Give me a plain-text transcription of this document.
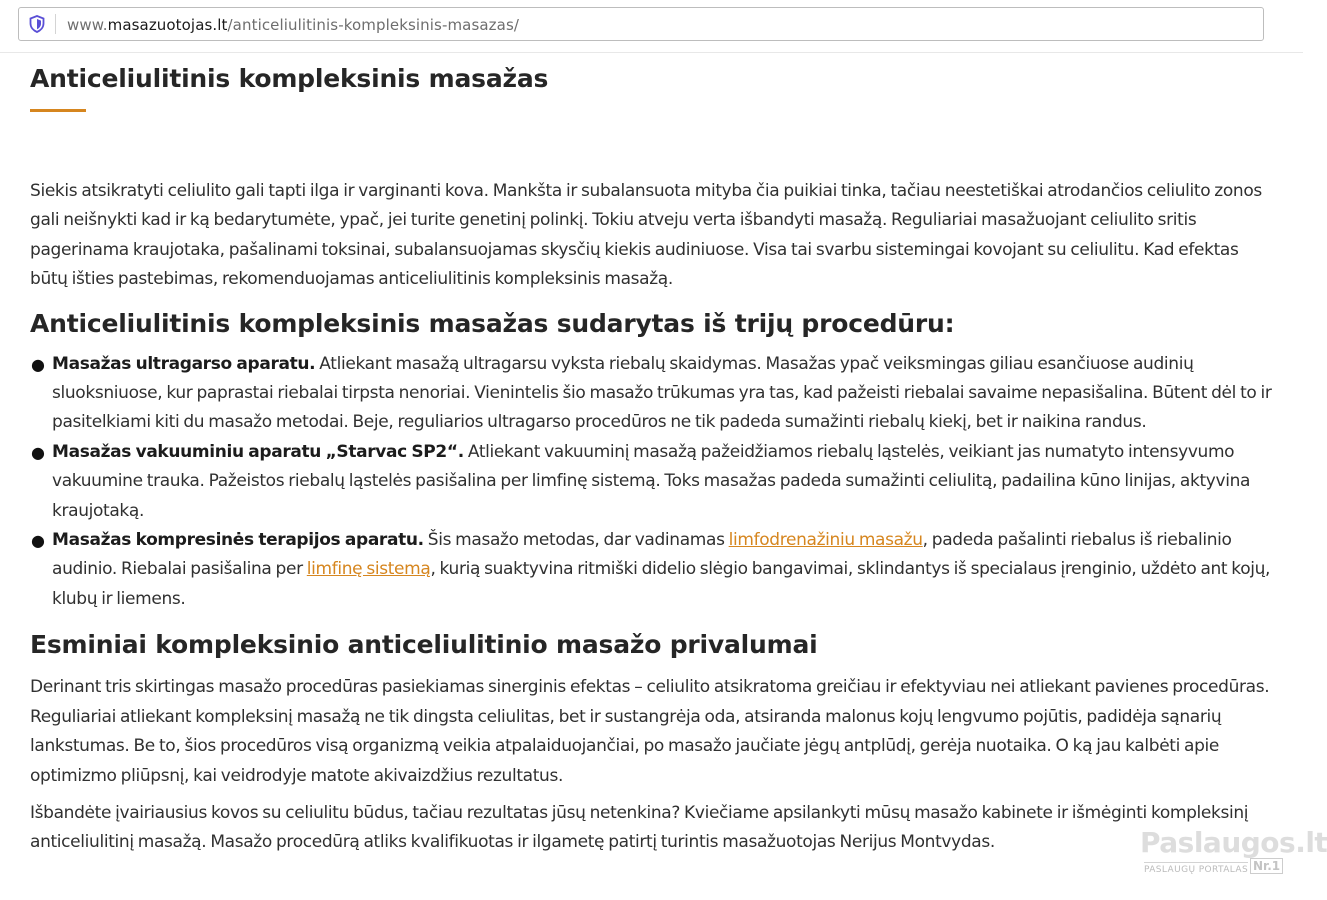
www.masazuotojas.lt/anticeliulitinis-kompleksinis-masazas/
Anticeliulitinis kompleksinis masažas

Siekis atsikratyti celiulito gali tapti ilga ir varginanti kova. Mankšta ir subalansuota mityba čia puikiai tinka, tačiau neestetiškai atrodančios celiulito zonos gali neišnykti kad ir ką bedarytumėte, ypač, jei turite genetinį polinkį. Tokiu atveju verta išbandyti masažą. Reguliariai masažuojant celiulito sritis pagerinama kraujotaka, pašalinami toksinai, subalansuojamas skysčių kiekis audiniuose. Visa tai svarbu sistemingai kovojant su celiulitu. Kad efektas būtų išties pastebimas, rekomenduojamas anticeliulitinis kompleksinis masažą.

Anticeliulitinis kompleksinis masažas sudarytas iš trijų procedūru:
● Masažas ultragarso aparatu. Atliekant masažą ultragarsu vyksta riebalų skaidymas. Masažas ypač veiksmingas giliau esančiuose audinių sluoksniuose, kur paprastai riebalai tirpsta nenoriai. Vienintelis šio masažo trūkumas yra tas, kad pažeisti riebalai savaime nepasišalina. Būtent dėl to ir pasitelkiami kiti du masažo metodai. Beje, reguliarios ultragarso procedūros ne tik padeda sumažinti riebalų kiekį, bet ir naikina randus.
● Masažas vakuuminiu aparatu „Starvac SP2“. Atliekant vakuuminį masažą pažeidžiamos riebalų ląstelės, veikiant jas numatyto intensyvumo vakuumine trauka. Pažeistos riebalų ląstelės pasišalina per limfinę sistemą. Toks masažas padeda sumažinti celiulitą, padailina kūno linijas, aktyvina kraujotaką.
● Masažas kompresinės terapijos aparatu. Šis masažo metodas, dar vadinamas limfodrenažiniu masažu, padeda pašalinti riebalus iš riebalinio audinio. Riebalai pasišalina per limfinę sistemą, kurią suaktyvina ritmiški didelio slėgio bangavimai, sklindantys iš specialaus įrenginio, uždėto ant kojų, klubų ir liemens.
Esminiai kompleksinio anticeliulitinio masažo privalumai

Derinant tris skirtingas masažo procedūras pasiekiamas sinerginis efektas – celiulito atsikratoma greičiau ir efektyviau nei atliekant pavienes procedūras. Reguliariai atliekant kompleksinį masažą ne tik dingsta celiulitas, bet ir sustangrėja oda, atsiranda malonus kojų lengvumo pojūtis, padidėja sąnarių lankstumas. Be to, šios procedūros visą organizmą veikia atpalaiduojančiai, po masažo jaučiate jėgų antplūdį, gerėja nuotaika. O ką jau kalbėti apie optimizmo pliūpsnį, kai veidrodyje matote akivaizdžius rezultatus.

Išbandėte įvairiausius kovos su celiulitu būdus, tačiau rezultatas jūsų netenkina? Kviečiame apsilankyti mūsų masažo kabinete ir išmėginti kompleksinį anticeliulitinį masažą. Masažo procedūrą atliks kvalifikuotas ir ilgametę patirtį turintis masažuotojas Nerijus Montvydas.	Paslaugos.lt
PASLAUGŲ PORTALAS Nr.1
